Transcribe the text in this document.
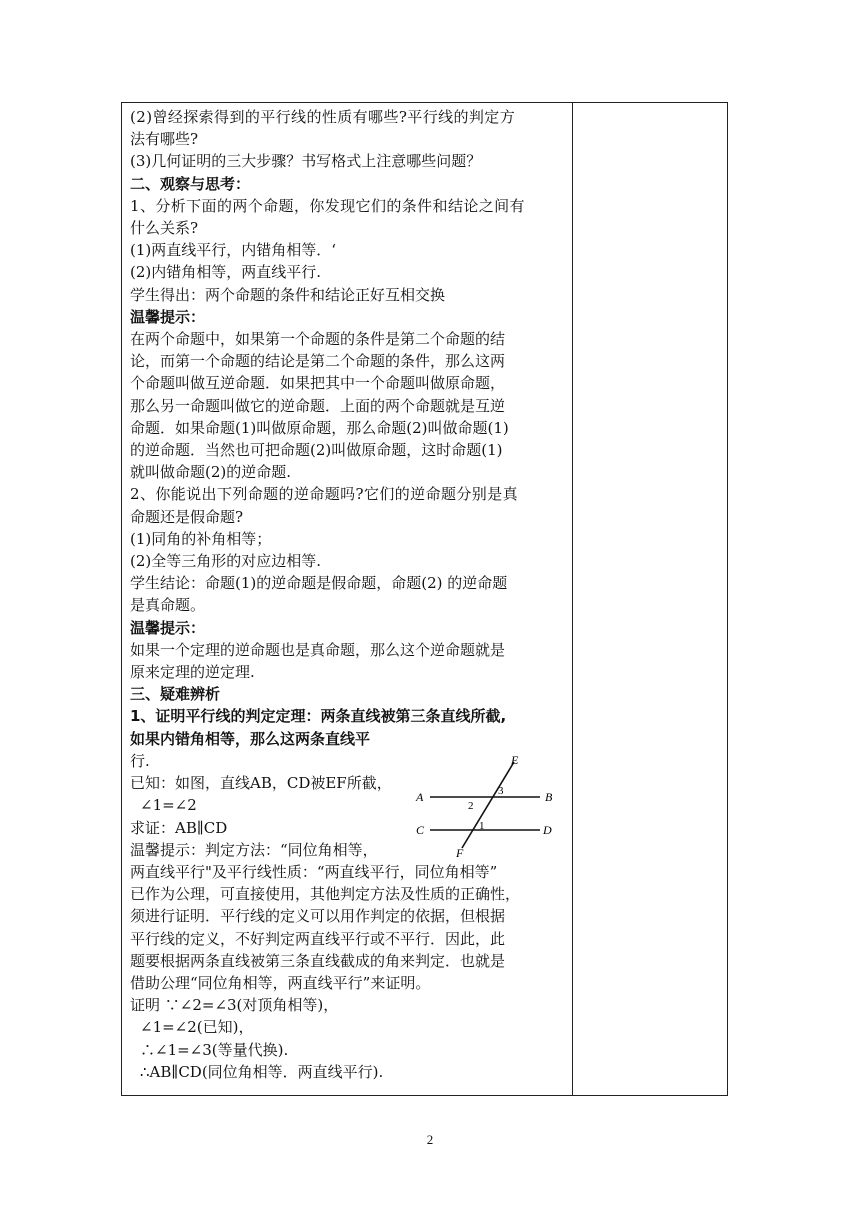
(2)曾经探索得到的平行线的性质有哪些?平行线的判定方
法有哪些?
(3)几何证明的三大步骤？书写格式上注意哪些问题？
二、观察与思考：
1、分析下面的两个命题，你发现它们的条件和结论之间有
什么关系?
(1)两直线平行，内错角相等．‘
(2)内错角相等，两直线平行.
学生得出：两个命题的条件和结论正好互相交换
温馨提示：
在两个命题中，如果第一个命题的条件是第二个命题的结
论，而第一个命题的结论是第二个命题的条件，那么这两
个命题叫做互逆命题．如果把其中一个命题叫做原命题，
那么另一命题叫做它的逆命题．上面的两个命题就是互逆
命题．如果命题(1)叫做原命题，那么命题(2)叫做命题(1)
的逆命题．当然也可把命题(2)叫做原命题，这时命题(1)
就叫做命题(2)的逆命题.
2、你能说出下列命题的逆命题吗?它们的逆命题分别是真
命题还是假命题?
(1)同角的补角相等；
(2)全等三角形的对应边相等.
学生结论：命题(1)的逆命题是假命题，命题(2) 的逆命题
是真命题。
温馨提示：
如果一个定理的逆命题也是真命题，那么这个逆命题就是
原来定理的逆定理.
三、疑难辨析
1、证明平行线的判定定理：两条直线被第三条直线所截,
如果内错角相等，那么这两条直线平
行.
已知：如图，直线AB，CD被EF所截，
∠1=∠2
求证：AB∥CD
温馨提示：判定方法：“同位角相等，
两直线平行"及平行线性质：“两直线平行，同位角相等”
已作为公理，可直接使用，其他判定方法及性质的正确性，
须进行证明．平行线的定义可以用作判定的依据，但根据
平行线的定义，不好判定两直线平行或不平行．因此，此
题要根据两条直线被第三条直线截成的角来判定．也就是
借助公理“同位角相等，两直线平行”来证明。
证明 ∵∠2=∠3(对顶角相等)，
∠1=∠2(已知)，
∴∠1=∠3(等量代换).
∴AB∥CD(同位角相等．两直线平行).
A	B
C	D
E
F
3
2
1
2
